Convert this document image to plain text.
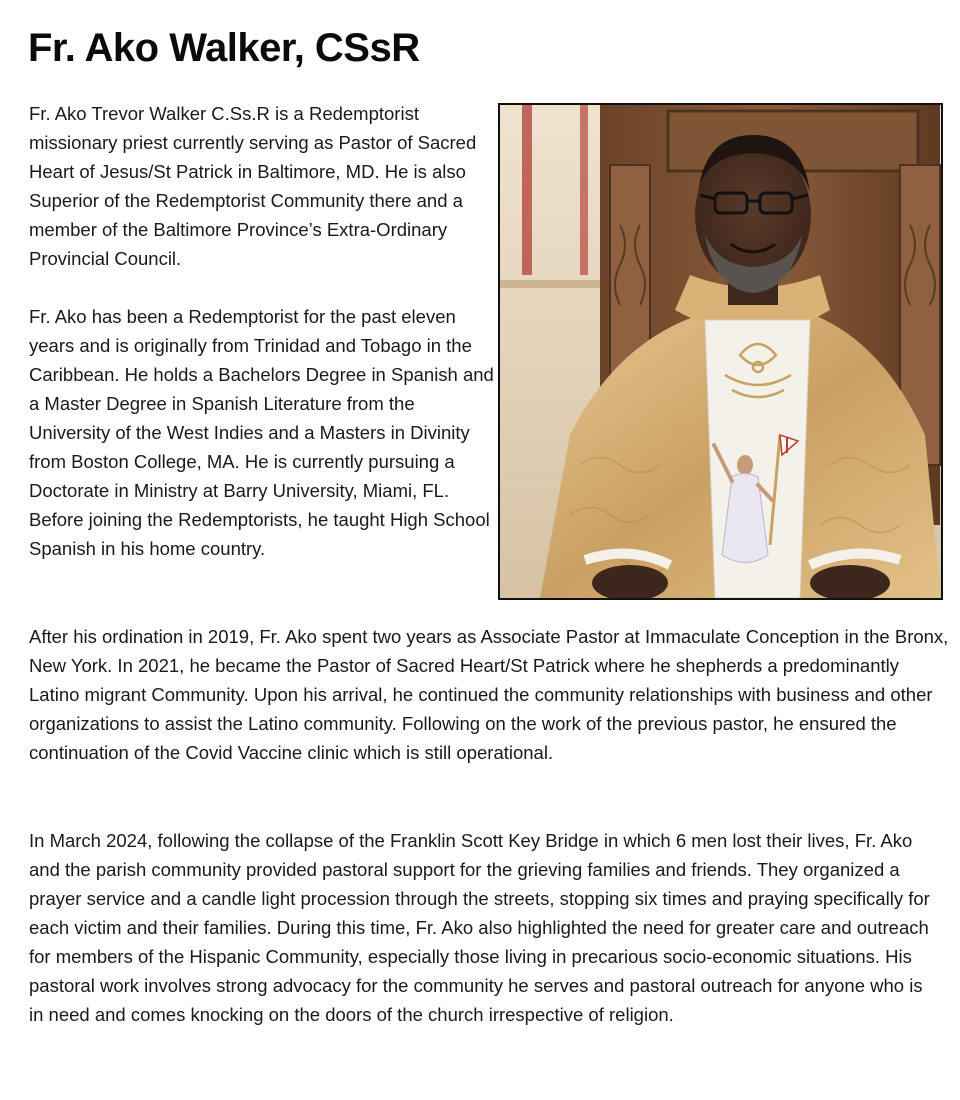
Fr. Ako Walker, CSsR

Fr. Ako Trevor Walker C.Ss.R is a Redemptorist missionary priest currently serving as Pastor of Sacred Heart of Jesus/St Patrick in Baltimore, MD. He is also Superior of the Redemptorist Community there and a member of the Baltimore Province’s Extra-Ordinary Provincial Council.

Fr. Ako has been a Redemptorist for the past eleven years and is originally from Trinidad and Tobago in the Caribbean. He holds a Bachelors Degree in Spanish and a Master Degree in Spanish Literature from the University of the West Indies and a Masters in Divinity from Boston College, MA. He is currently pursuing a Doctorate in Ministry at Barry University, Miami, FL. Before joining the Redemptorists, he taught High School Spanish in his home country.

After his ordination in 2019, Fr. Ako spent two years as Associate Pastor at Immaculate Conception in the Bronx, New York. In 2021, he became the Pastor of Sacred Heart/St Patrick where he shepherds a predominantly Latino migrant Community. Upon his arrival, he continued the community relationships with business and other organizations to assist the Latino community. Following on the work of the previous pastor, he ensured the continuation of the Covid Vaccine clinic which is still operational.

In March 2024, following the collapse of the Franklin Scott Key Bridge in which 6 men lost their lives, Fr. Ako and the parish community provided pastoral support for the grieving families and friends. They organized a prayer service and a candle light procession through the streets, stopping six times and praying specifically for each victim and their families. During this time, Fr. Ako also highlighted the need for greater care and outreach for members of the Hispanic Community, especially those living in precarious socio-economic situations. His pastoral work involves strong advocacy for the community he serves and pastoral outreach for anyone who is in need and comes knocking on the doors of the church irrespective of religion.
